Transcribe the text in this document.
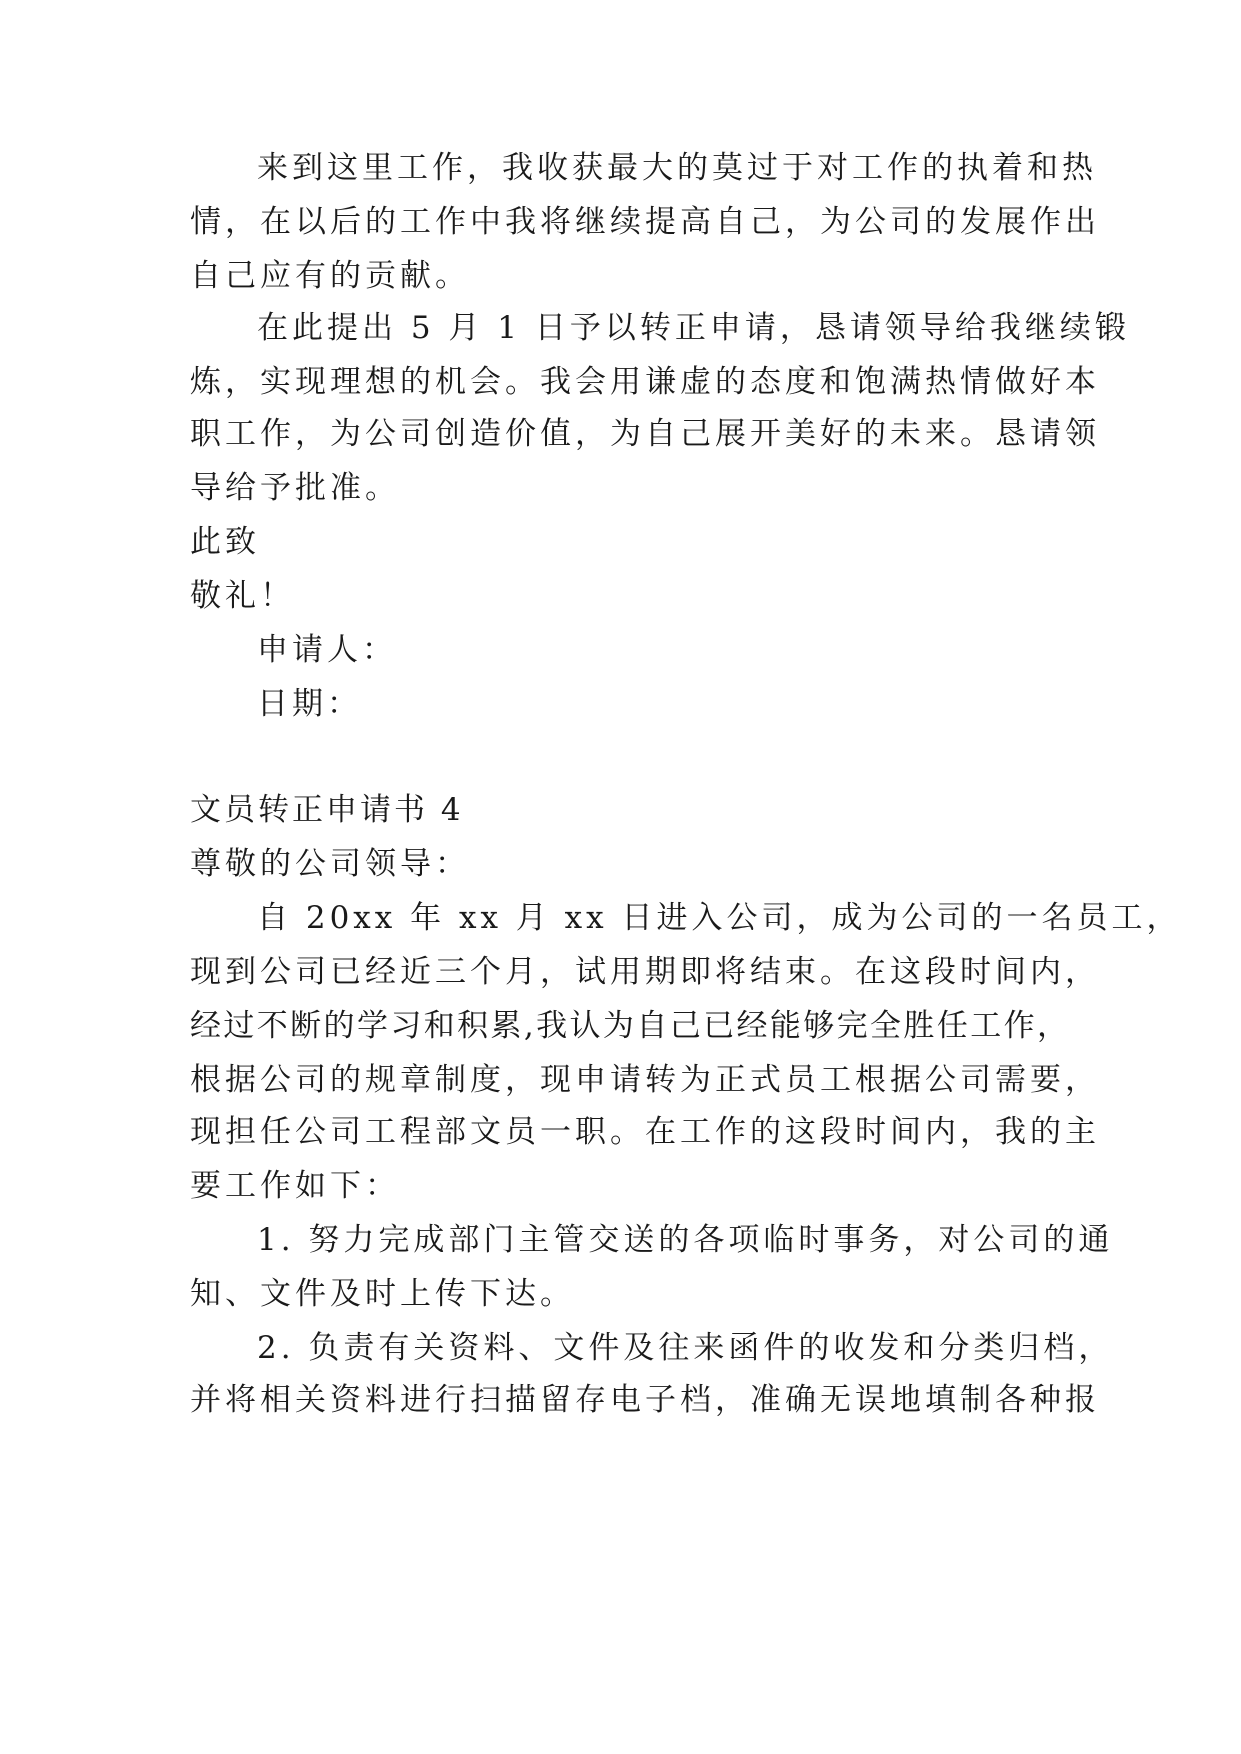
来到这里工作，我收获最大的莫过于对工作的执着和热
情，在以后的工作中我将继续提高自己，为公司的发展作出
自己应有的贡献。
在此提出 5 月 1 日予以转正申请，恳请领导给我继续锻
炼，实现理想的机会。我会用谦虚的态度和饱满热情做好本
职工作，为公司创造价值，为自己展开美好的未来。恳请领
导给予批准。
此致
敬礼！
申请人：
日期：
文员转正申请书 4
尊敬的公司领导：
自 20xx 年 xx 月 xx 日进入公司，成为公司的一名员工，
现到公司已经近三个月，试用期即将结束。在这段时间内，
经过不断的学习和积累,我认为自己已经能够完全胜任工作，
根据公司的规章制度，现申请转为正式员工根据公司需要，
现担任公司工程部文员一职。在工作的这段时间内，我的主
要工作如下：
1. 努力完成部门主管交送的各项临时事务，对公司的通
知、文件及时上传下达。
2. 负责有关资料、文件及往来函件的收发和分类归档，
并将相关资料进行扫描留存电子档，准确无误地填制各种报
